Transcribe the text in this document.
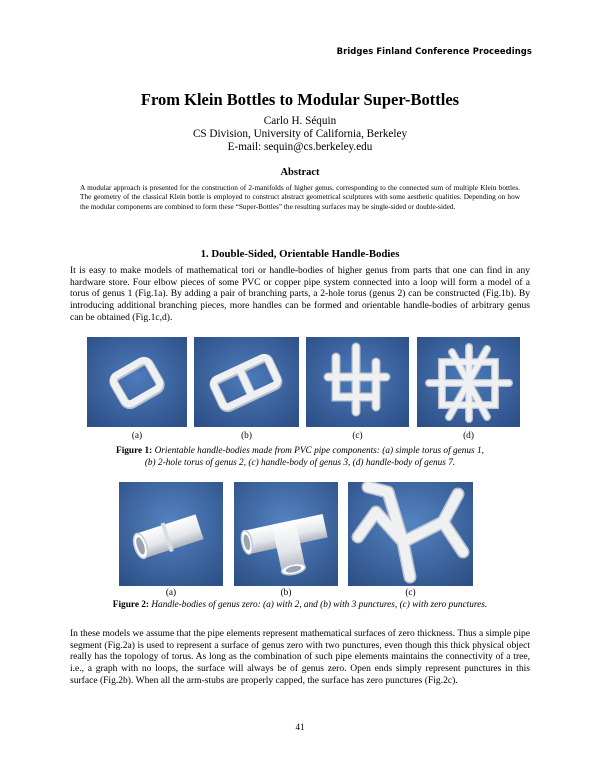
Bridges Finland Conference Proceedings
From Klein Bottles to Modular Super-Bottles
Carlo H. Séquin
CS Division, University of California, Berkeley
E-mail: sequin@cs.berkeley.edu
Abstract
A modular approach is presented for the construction of 2-manifolds of higher genus, corresponding to the connected sum of multiple Klein bottles. The geometry of the classical Klein bottle is employed to construct abstract geometrical sculptures with some aesthetic qualities. Depending on how the modular components are combined to form these “Super-Bottles” the resulting surfaces may be single-sided or double-sided.
1. Double-Sided, Orientable Handle-Bodies
It is easy to make models of mathematical tori or handle-bodies of higher genus from parts that one can find in any hardware store. Four elbow pieces of some PVC or copper pipe system connected into a loop will form a model of a torus of genus 1 (Fig.1a). By adding a pair of branching parts, a 2-hole torus (genus 2) can be constructed (Fig.1b). By introducing additional branching pieces, more handles can be formed and orientable handle-bodies of arbitrary genus can be obtained (Fig.1c,d).
(a)	(b)	(c)	(d)
Figure 1: Orientable handle-bodies made from PVC pipe components: (a) simple torus of genus 1,
(b) 2-hole torus of genus 2, (c) handle-body of genus 3, (d) handle-body of genus 7.
(a)	(b)	(c)
Figure 2: Handle-bodies of genus zero: (a) with 2, and (b) with 3 punctures, (c) with zero punctures.
In these models we assume that the pipe elements represent mathematical surfaces of zero thickness. Thus a simple pipe segment (Fig.2a) is used to represent a surface of genus zero with two punctures, even though this thick physical object really has the topology of torus. As long as the combination of such pipe elements maintains the connectivity of a tree, i.e., a graph with no loops, the surface will always be of genus zero. Open ends simply represent punctures in this surface (Fig.2b). When all the arm-stubs are properly capped, the surface has zero punctures (Fig.2c).
41
